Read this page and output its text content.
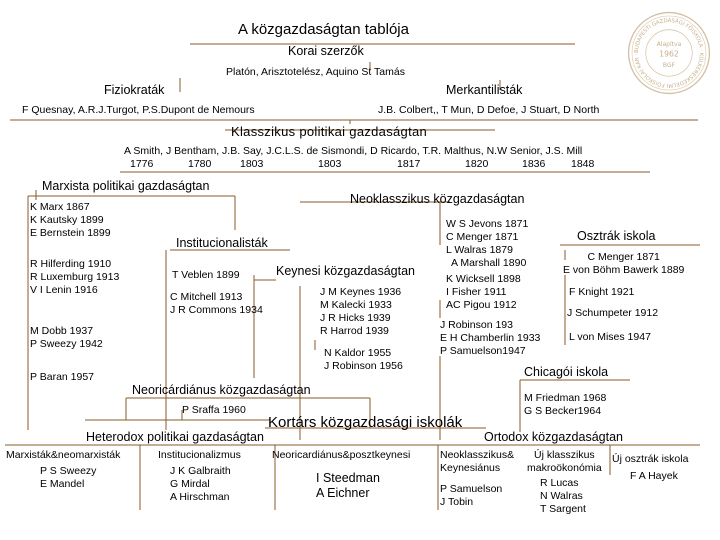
BUDAPESTI GAZDASÁGI FŐISKOLA · KÜLKERESKEDELMI FŐISKOLAI KAR ·
Alapítva
1962
BGF
A közgazdaságtan tablója
Korai szerzők
Platón, Arisztotelész, Aquino St Tamás
Fiziokraták
F Quesnay, A.R.J.Turgot, P.S.Dupont de Nemours
Merkantilisták
J.B. Colbert,, T Mun, D Defoe, J Stuart, D North
Klasszikus politikai gazdaságtan
A Smith, J Bentham, J.B. Say, J.C.L.S. de Sismondi, D Ricardo, T.R. Malthus, N.W Senior, J.S. Mill
1776	1780	1803	1803	1817	1820	1836 1848
Marxista politikai gazdaságtan
K Marx 1867
K Kautsky 1899
E Bernstein 1899
R Hilferding 1910
R Luxemburg 1913
V I Lenin 1916
M Dobb 1937
P Sweezy 1942
P Baran 1957
Institucionalisták
T Veblen 1899
C Mitchell 1913
J R Commons 1934
Keynesi közgazdaságtan
J M Keynes 1936
M Kalecki 1933
J R Hicks 1939
R Harrod 1939
N Kaldor 1955
J Robinson 1956
Neoklasszikus közgazdaságtan
W S Jevons 1871
C Menger 1871
L Walras 1879
A Marshall 1890
K Wicksell 1898
I Fisher 1911
AC Pigou 1912
J Robinson 193
E H Chamberlin 1933
P Samuelson1947
Osztrák iskola
C Menger 1871
E von Böhm Bawerk 1889
F Knight 1921
J Schumpeter 1912
L von Mises 1947
Chicagói iskola
M Friedman 1968
G S Becker1964
Neoricárdiánus közgazdaságtan
P Sraffa 1960
Kortárs közgazdasági iskolák
Heterodox politikai gazdaságtan
Marxisták&neomarxisták
P S Sweezy
E Mandel
Institucionalizmus
J K Galbraith
G Mirdal
A Hirschman
Neoricardiánus&posztkeynesi
I Steedman
A Eichner
Ortodox közgazdaságtan
Neoklasszikus&
Keynesiánus
P Samuelson
J Tobin
Új klasszikus
makroökonómia
R Lucas
N Walras
T Sargent
Új osztrák iskola
F A Hayek
